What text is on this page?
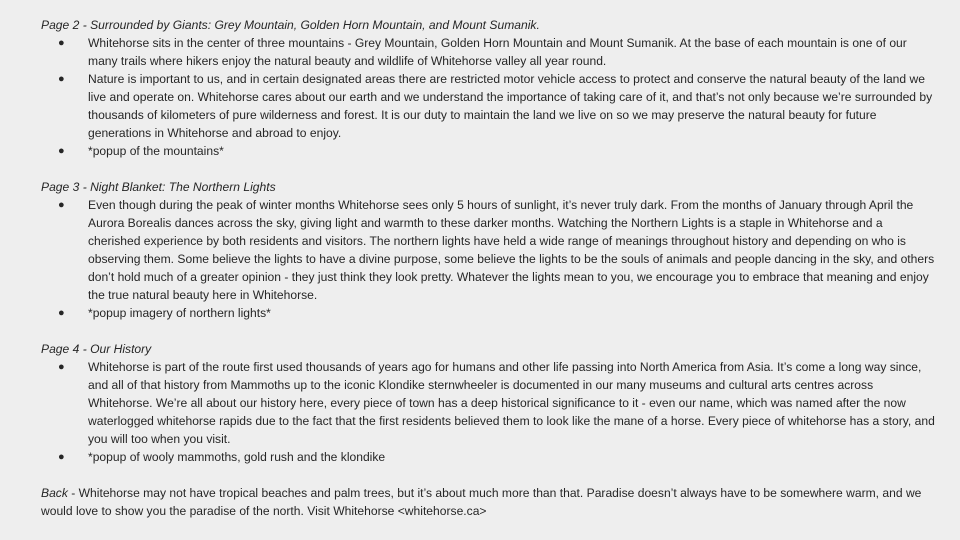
Page 2 - Surrounded by Giants: Grey Mountain, Golden Horn Mountain, and Mount Sumanik.
● Whitehorse sits in the center of three mountains - Grey Mountain, Golden Horn Mountain and Mount Sumanik. At the base of each mountain is one of our many trails where hikers enjoy the natural beauty and wildlife of Whitehorse valley all year round.
● Nature is important to us, and in certain designated areas there are restricted motor vehicle access to protect and conserve the natural beauty of the land we live and operate on. Whitehorse cares about our earth and we understand the importance of taking care of it, and that’s not only because we’re surrounded by thousands of kilometers of pure wilderness and forest. It is our duty to maintain the land we live on so we may preserve the natural beauty for future generations in Whitehorse and abroad to enjoy.
● *popup of the mountains*
Page 3 - Night Blanket: The Northern Lights
● Even though during the peak of winter months Whitehorse sees only 5 hours of sunlight, it’s never truly dark. From the months of January through April the Aurora Borealis dances across the sky, giving light and warmth to these darker months. Watching the Northern Lights is a staple in Whitehorse and a cherished experience by both residents and visitors. The northern lights have held a wide range of meanings throughout history and depending on who is observing them. Some believe the lights to have a divine purpose, some believe the lights to be the souls of animals and people dancing in the sky, and others don’t hold much of a greater opinion - they just think they look pretty. Whatever the lights mean to you, we encourage you to embrace that meaning and enjoy the true natural beauty here in Whitehorse.
● *popup imagery of northern lights*
Page 4 - Our History
● Whitehorse is part of the route first used thousands of years ago for humans and other life passing into North America from Asia. It’s come a long way since, and all of that history from Mammoths up to the iconic Klondike sternwheeler is documented in our many museums and cultural arts centres across Whitehorse. We’re all about our history here, every piece of town has a deep historical significance to it - even our name, which was named after the now waterlogged whitehorse rapids due to the fact that the first residents believed them to look like the mane of a horse. Every piece of whitehorse has a story, and you will too when you visit.
● *popup of wooly mammoths, gold rush and the klondike
Back - Whitehorse may not have tropical beaches and palm trees, but it’s about much more than that. Paradise doesn’t always have to be somewhere warm, and we would love to show you the paradise of the north. Visit Whitehorse <whitehorse.ca>
